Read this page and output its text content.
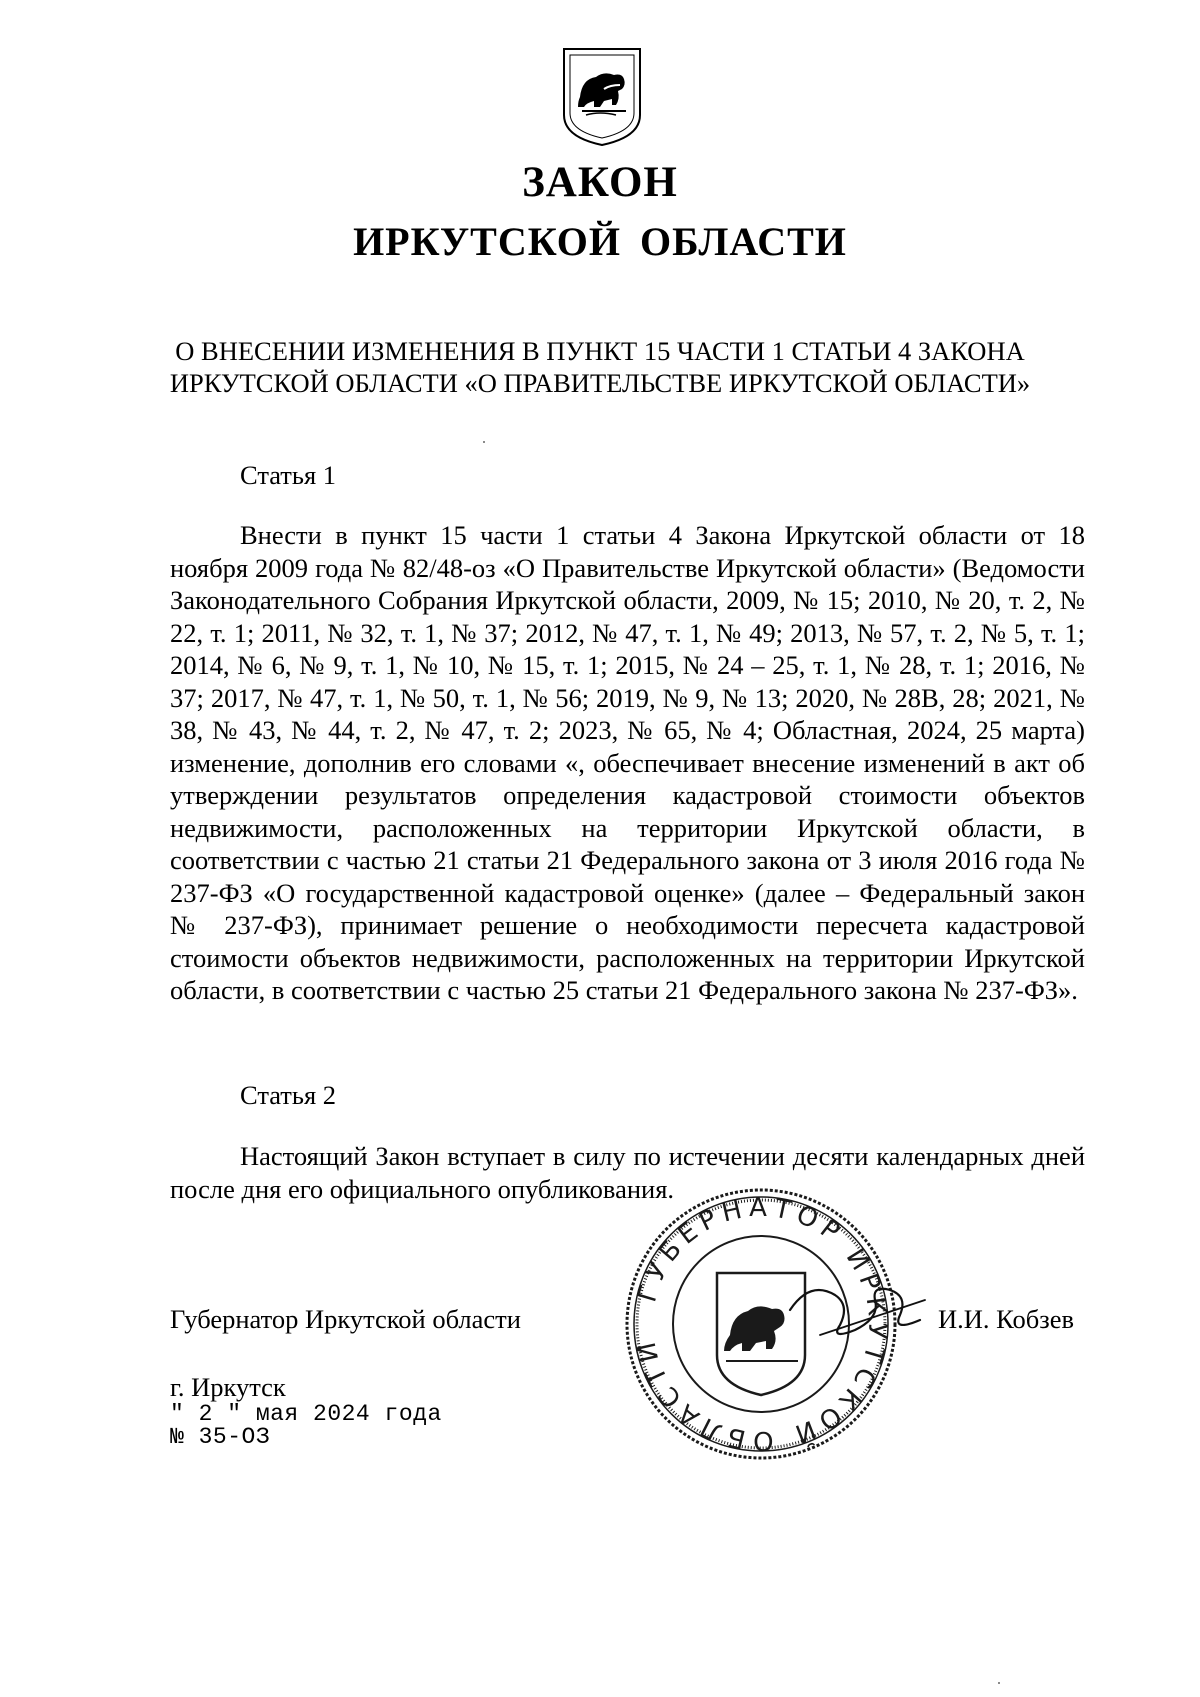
ЗАКОН
ИРКУТСКОЙ ОБЛАСТИ

О ВНЕСЕНИИ ИЗМЕНЕНИЯ В ПУНКТ 15 ЧАСТИ 1 СТАТЬИ 4 ЗАКОНА ИРКУТСКОЙ ОБЛАСТИ «О ПРАВИТЕЛЬСТВЕ ИРКУТСКОЙ ОБЛАСТИ»

Статья 1

Внести в пункт 15 части 1 статьи 4 Закона Иркутской области от 18 ноября 2009 года № 82/48-оз «О Правительстве Иркутской области» (Ведомости Законодательного Собрания Иркутской области, 2009, № 15; 2010, № 20, т. 2, № 22, т. 1; 2011, № 32, т. 1, № 37; 2012, № 47, т. 1, № 49; 2013, № 57, т. 2, № 5, т. 1; 2014, № 6, № 9, т. 1, № 10, № 15, т. 1; 2015, № 24 – 25, т. 1, № 28, т. 1; 2016, № 37; 2017, № 47, т. 1, № 50, т. 1, № 56; 2019, № 9, № 13; 2020, № 28В, 28; 2021, № 38, № 43, № 44, т. 2, № 47, т. 2; 2023, № 65, № 4; Областная, 2024, 25 марта) изменение, дополнив его словами «, обеспечивает внесение изменений в акт об утверждении результатов определения кадастровой стоимости объектов недвижимости, расположенных на территории Иркутской области, в соответствии с частью 21 статьи 21 Федерального закона от 3 июля 2016 года № 237-ФЗ «О государственной кадастровой оценке» (далее – Федеральный закон № 237-ФЗ), принимает решение о необходимости пересчета кадастровой стоимости объектов недвижимости, расположенных на территории Иркутской области, в соответствии с частью 25 статьи 21 Федерального закона № 237-ФЗ».

Статья 2

Настоящий Закон вступает в силу по истечении десяти календарных дней после дня его официального опубликования.

Губернатор Иркутской области	И.И. Кобзев

г. Иркутск

" 2 " мая 2024 года

№ 35-ОЗ

ГУБЕРНАТОР ИРКУТСКОЙ ОБЛАСТИ
